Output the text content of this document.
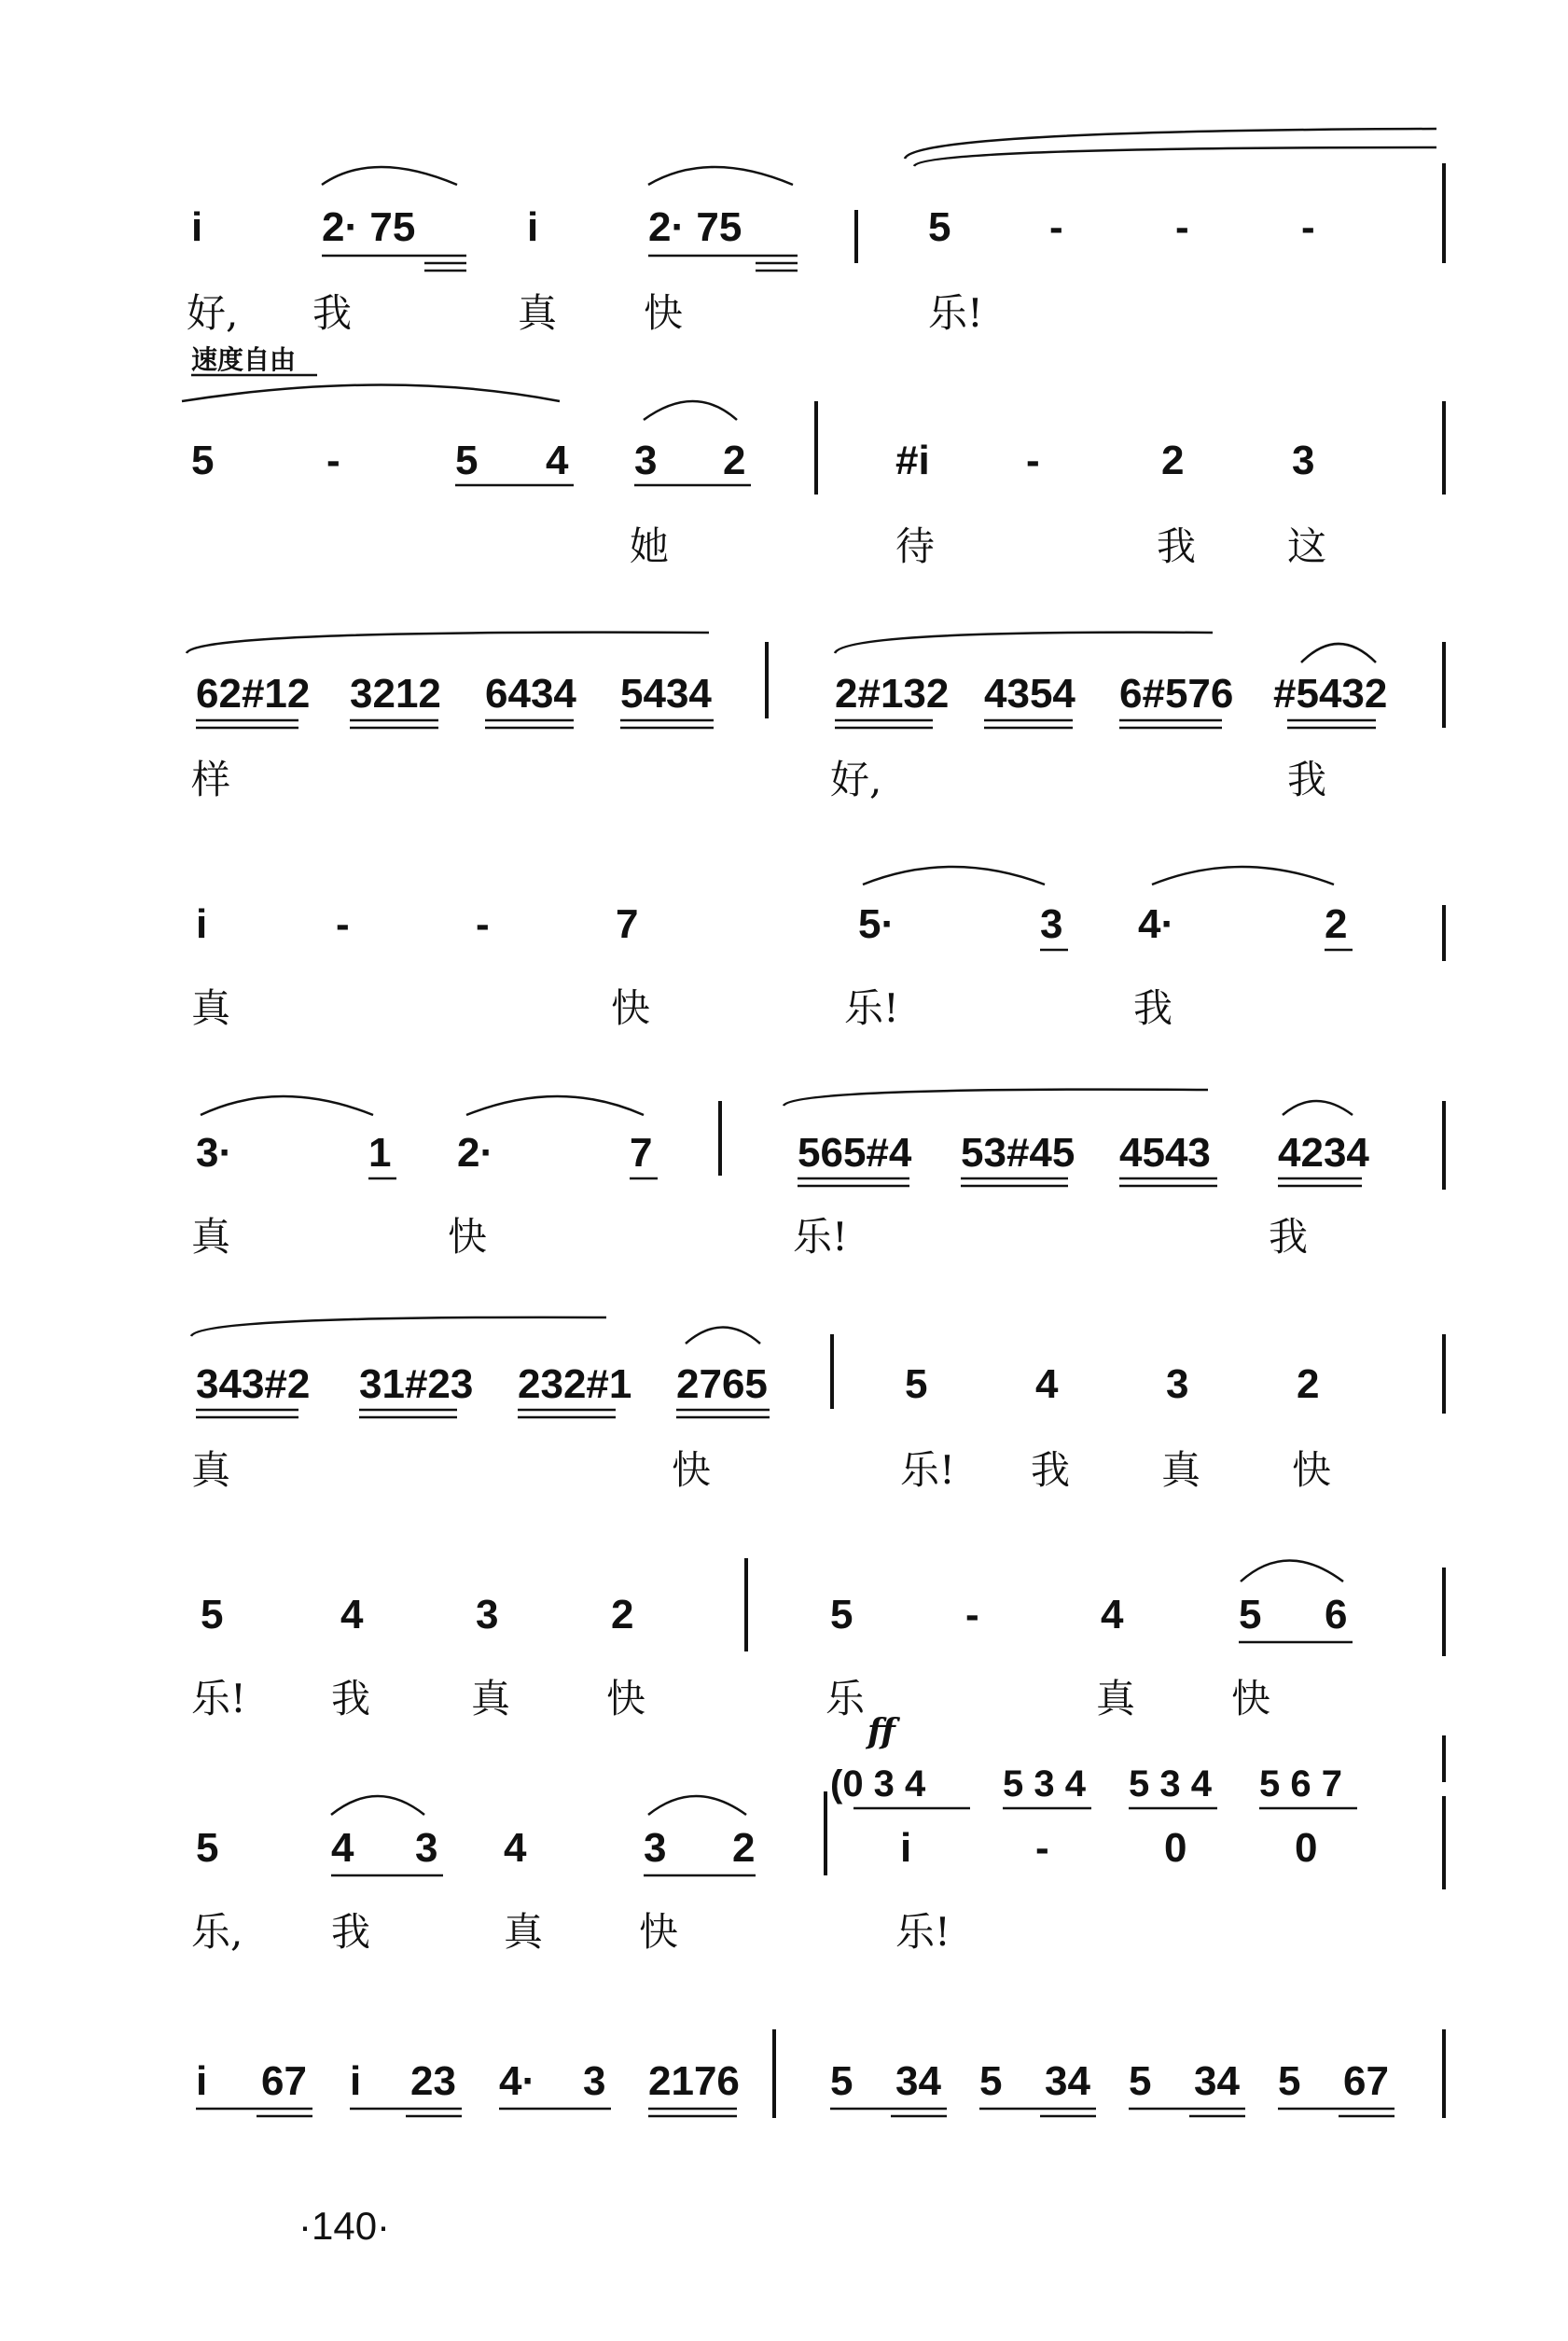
i	2· 75	i	2· 75	5 -	-	-
好, 我	真 快	乐!
速度自由
5	-	5 4 3 2	#i -	2	3
她	待	我 这
62#12 3212 6434 5434	2#132 4354 6#576 #5432
样	好,	我
i	-	-	7	5·	3 4·	2
真	快	乐!	我
3·	1 2·	7	565#4 53#45 4543 4234
真	快	乐!	我
343#2 31#23 232#1 2765	5	4	3	2
真	快	乐! 我 真 快
5	4	3	2	5	-	4	5 6
乐! 我	真 快	乐	真 快
ff
(0 3 4 5 3 4 5 3 4 5 6 7
5	4 3 4	3 2	i	-	0	0
乐, 我	真 快	乐!
i 67 i 23 4· 3 2176 5 34 5 34 5 34 5 67
·140·
